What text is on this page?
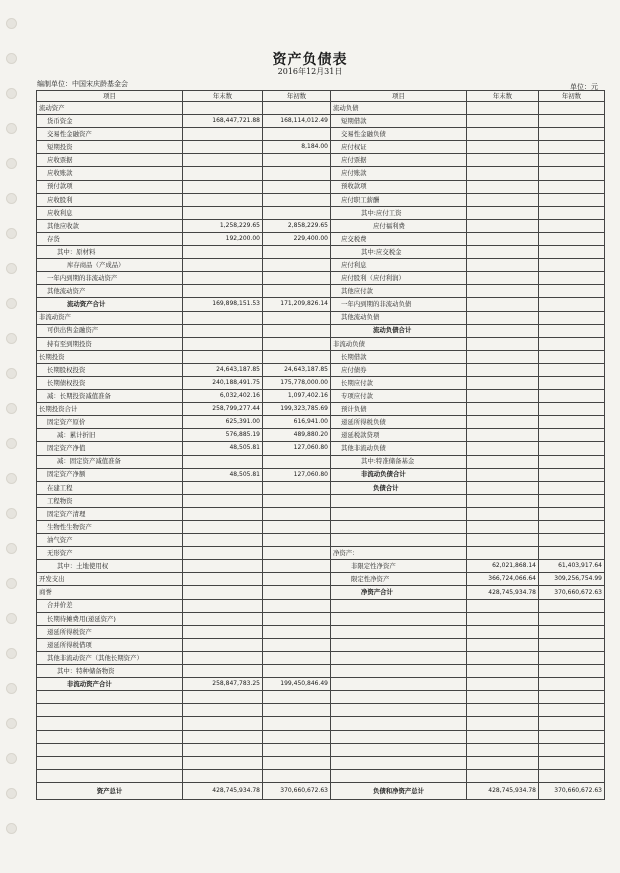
资产负债表
2016年12月31日
编制单位：中国宋庆龄基金会	单位：元
项目	年末数	年初数	项目	年末数	年初数
流动资产			流动负债		
货币资金	168,447,721.88	168,114,012.49	短期借款		
交易性金融资产			交易性金融负债		
短期投资		8,184.00	应付权证		
应收票据			应付票据		
应收账款			应付账款		
预付款项			预收款项		
应收股利			应付职工薪酬		
应收利息			其中:应付工资		
其他应收款	1,258,229.65	2,858,229.65	应付福利费		
存货	192,200.00	229,400.00	应交税费		
其中：原材料			其中:应交税金		
库存商品（产成品）			应付利息		
一年内到期的非流动资产			应付股利（应付利润）		
其他流动资产			其他应付款		
流动资产合计	169,898,151.53	171,209,826.14	一年内到期的非流动负债		
非流动资产			其他流动负债		
可供出售金融资产			流动负债合计		
持有至到期投资			非流动负债		
长期投资			长期借款		
长期股权投资	24,643,187.85	24,643,187.85	应付债券		
长期债权投资	240,188,491.75	175,778,000.00	长期应付款		
减：长期投资减值准备	6,032,402.16	1,097,402.16	专项应付款		
长期投资合计	258,799,277.44	199,323,785.69	预计负债		
固定资产原价	625,391.00	616,941.00	递延所得税负债		
减：累计折旧	576,885.19	489,880.20	递延税款贷项		
固定资产净值	48,505.81	127,060.80	其他非流动负债		
减：固定资产减值准备			其中:特准储备基金		
固定资产净额	48,505.81	127,060.80	非流动负债合计		
在建工程			负债合计		
工程物资					
固定资产清理					
生物性生物资产					
油气资产					
无形资产			净资产：		
其中：土地使用权			非限定性净资产	62,021,868.14	61,403,917.64
开发支出			限定性净资产	366,724,066.64	309,256,754.99
商誉			净资产合计	428,745,934.78	370,660,672.63
合并价差					
长期待摊费用(递延资产)					
递延所得税资产					
递延所得税借项					
其他非流动资产（其他长期资产）					
其中：特种储备物资					
非流动资产合计	258,847,783.25	199,450,846.49			

资产总计	428,745,934.78	370,660,672.63	负债和净资产总计	428,745,934.78	370,660,672.63
